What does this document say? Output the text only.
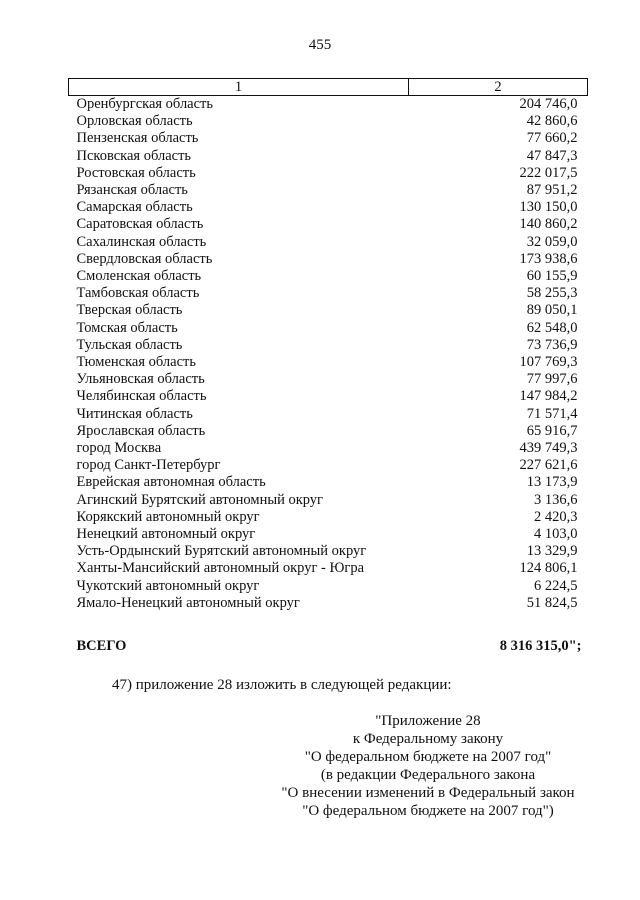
455
1	2
Оренбургская область	204 746,0
Орловская область	42 860,6
Пензенская область	77 660,2
Псковская область	47 847,3
Ростовская область	222 017,5
Рязанская область	87 951,2
Самарская область	130 150,0
Саратовская область	140 860,2
Сахалинская область	32 059,0
Свердловская область	173 938,6
Смоленская область	60 155,9
Тамбовская область	58 255,3
Тверская область	89 050,1
Томская область	62 548,0
Тульская область	73 736,9
Тюменская область	107 769,3
Ульяновская область	77 997,6
Челябинская область	147 984,2
Читинская область	71 571,4
Ярославская область	65 916,7
город Москва	439 749,3
город Санкт-Петербург	227 621,6
Еврейская автономная область	13 173,9
Агинский Бурятский автономный округ	3 136,6
Корякский автономный округ	2 420,3
Ненецкий автономный округ	4 103,0
Усть-Ордынский Бурятский автономный округ	13 329,9
Ханты-Мансийский автономный округ - Югра	124 806,1
Чукотский автономный округ	6 224,5
Ямало-Ненецкий автономный округ	51 824,5
ВСЕГО	8 316 315,0";
47) приложение 28 изложить в следующей редакции:
"Приложение 28
к Федеральному закону
"О федеральном бюджете на 2007 год"
(в редакции Федерального закона
"О внесении изменений в Федеральный закон
"О федеральном бюджете на 2007 год")
